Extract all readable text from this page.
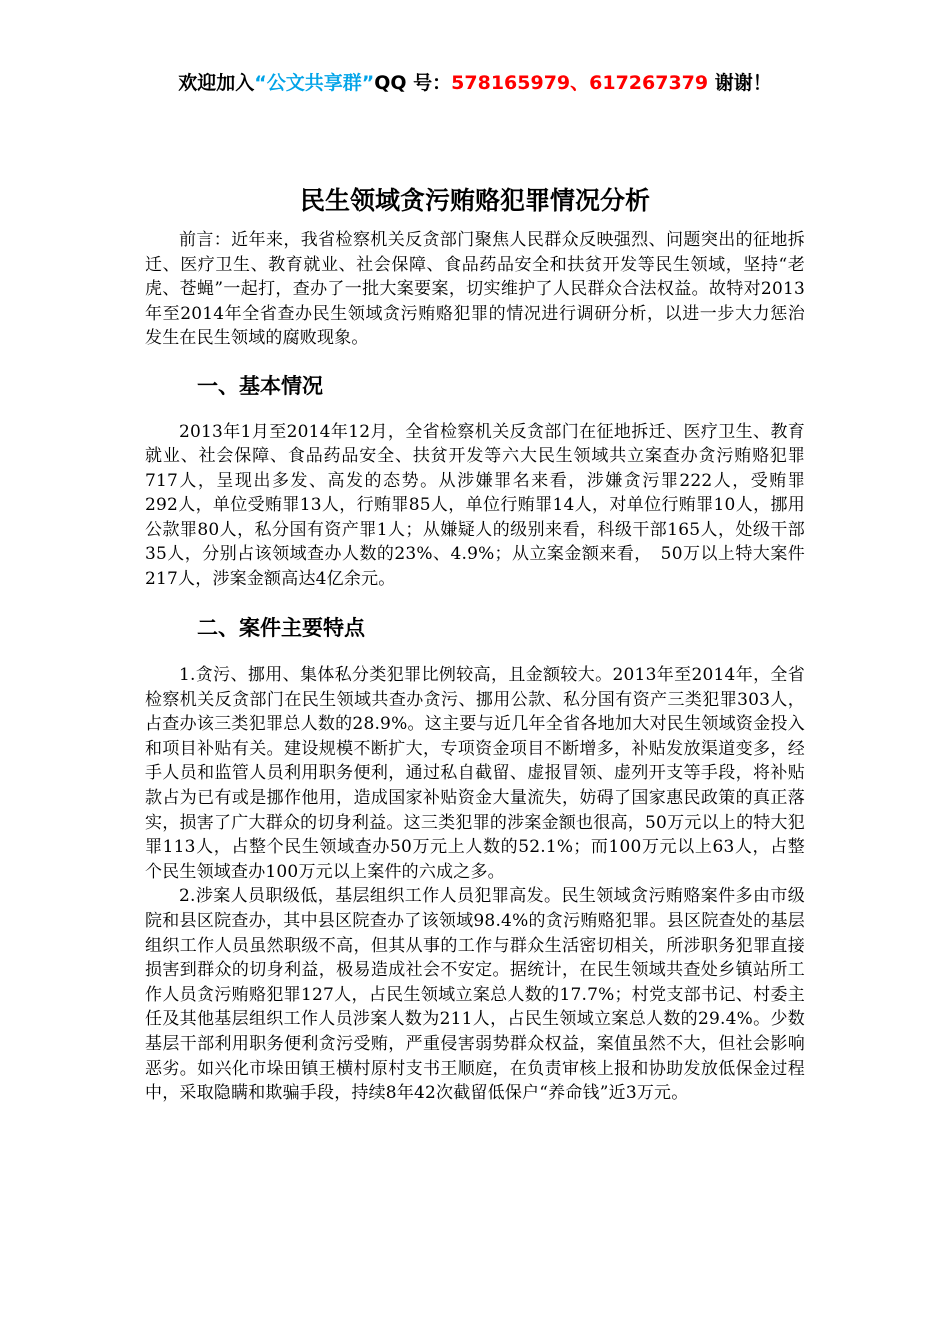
欢迎加入“公文共享群”QQ 号：578165979、617267379 谢谢！
民生领域贪污贿赂犯罪情况分析

前言：近年来，我省检察机关反贪部门聚焦人民群众反映强烈、问题突出的征地拆迁、医疗卫生、教育就业、社会保障、食品药品安全和扶贫开发等民生领域，坚持“老虎、苍蝇”一起打，查办了一批大案要案，切实维护了人民群众合法权益。故特对2013年至2014年全省查办民生领域贪污贿赂犯罪的情况进行调研分析，以进一步大力惩治发生在民生领域的腐败现象。

一、基本情况

2013年1月至2014年12月，全省检察机关反贪部门在征地拆迁、医疗卫生、教育就业、社会保障、食品药品安全、扶贫开发等六大民生领域共立案查办贪污贿赂犯罪717人，呈现出多发、高发的态势。从涉嫌罪名来看，涉嫌贪污罪222人，受贿罪　292人，单位受贿罪13人，行贿罪85人，单位行贿罪14人，对单位行贿罪10人，挪用公款罪80人，私分国有资产罪1人；从嫌疑人的级别来看，科级干部165人，处级干部35人，分别占该领域查办人数的23%、4.9%；从立案金额来看，　50万以上特大案件217人，涉案金额高达4亿余元。

二、案件主要特点

1.贪污、挪用、集体私分类犯罪比例较高，且金额较大。2013年至2014年，全省检察机关反贪部门在民生领域共查办贪污、挪用公款、私分国有资产三类犯罪303人，占查办该三类犯罪总人数的28.9%。这主要与近几年全省各地加大对民生领域资金投入和项目补贴有关。建设规模不断扩大，专项资金项目不断增多，补贴发放渠道变多，经手人员和监管人员利用职务便利，通过私自截留、虚报冒领、虚列开支等手段，将补贴款占为已有或是挪作他用，造成国家补贴资金大量流失，妨碍了国家惠民政策的真正落实，损害了广大群众的切身利益。这三类犯罪的涉案金额也很高，50万元以上的特大犯罪113人，占整个民生领域查办50万元上人数的52.1%；而100万元以上63人，占整个民生领域查办100万元以上案件的六成之多。

2.涉案人员职级低，基层组织工作人员犯罪高发。民生领域贪污贿赂案件多由市级院和县区院查办，其中县区院查办了该领域98.4%的贪污贿赂犯罪。县区院查处的基层组织工作人员虽然职级不高，但其从事的工作与群众生活密切相关，所涉职务犯罪直接损害到群众的切身利益，极易造成社会不安定。据统计，在民生领域共查处乡镇站所工作人员贪污贿赂犯罪127人，占民生领域立案总人数的17.7%；村党支部书记、村委主任及其他基层组织工作人员涉案人数为211人，占民生领域立案总人数的29.4%。少数基层干部利用职务便利贪污受贿，严重侵害弱势群众权益，案值虽然不大，但社会影响恶劣。如兴化市垛田镇王横村原村支书王顺庭，在负责审核上报和协助发放低保金过程中，采取隐瞒和欺骗手段，持续8年42次截留低保户“养命钱”近3万元。
